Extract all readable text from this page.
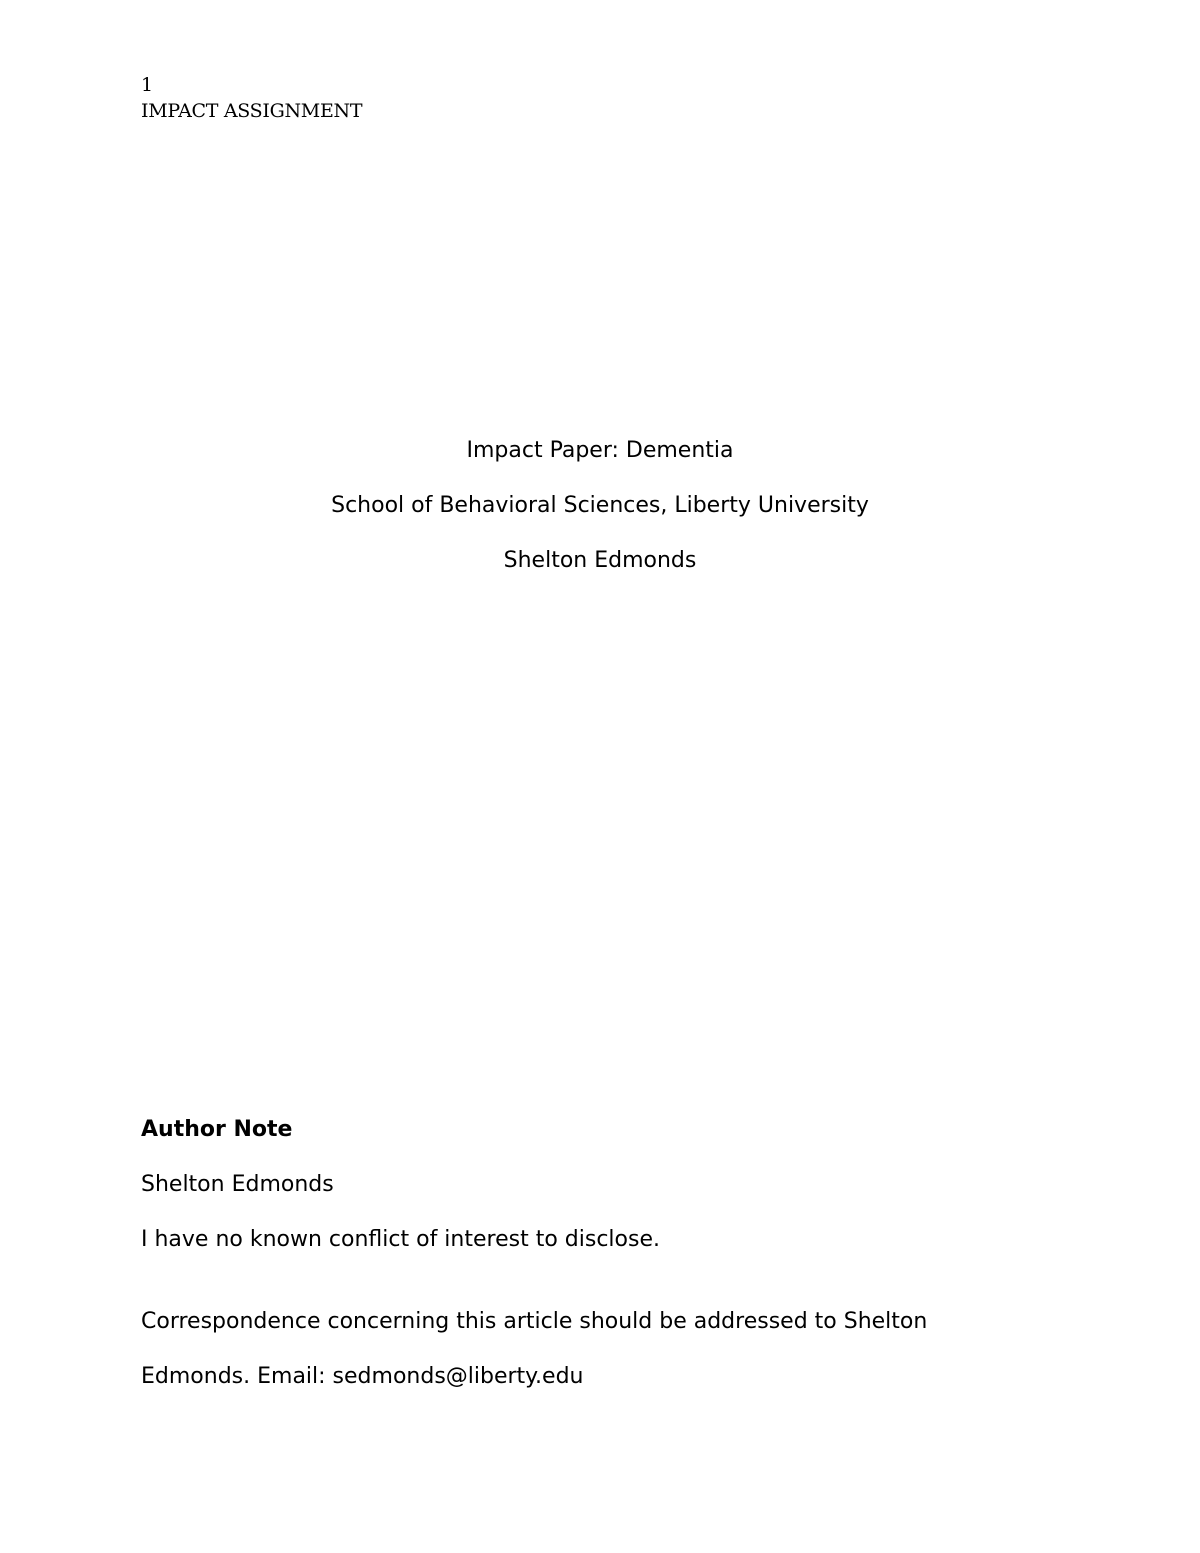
1
IMPACT ASSIGNMENT
Impact Paper: Dementia
School of Behavioral Sciences, Liberty University
Shelton Edmonds
Author Note
Shelton Edmonds
I have no known conflict of interest to disclose.
Correspondence concerning this article should be addressed to Shelton
Edmonds. Email: sedmonds@liberty.edu
